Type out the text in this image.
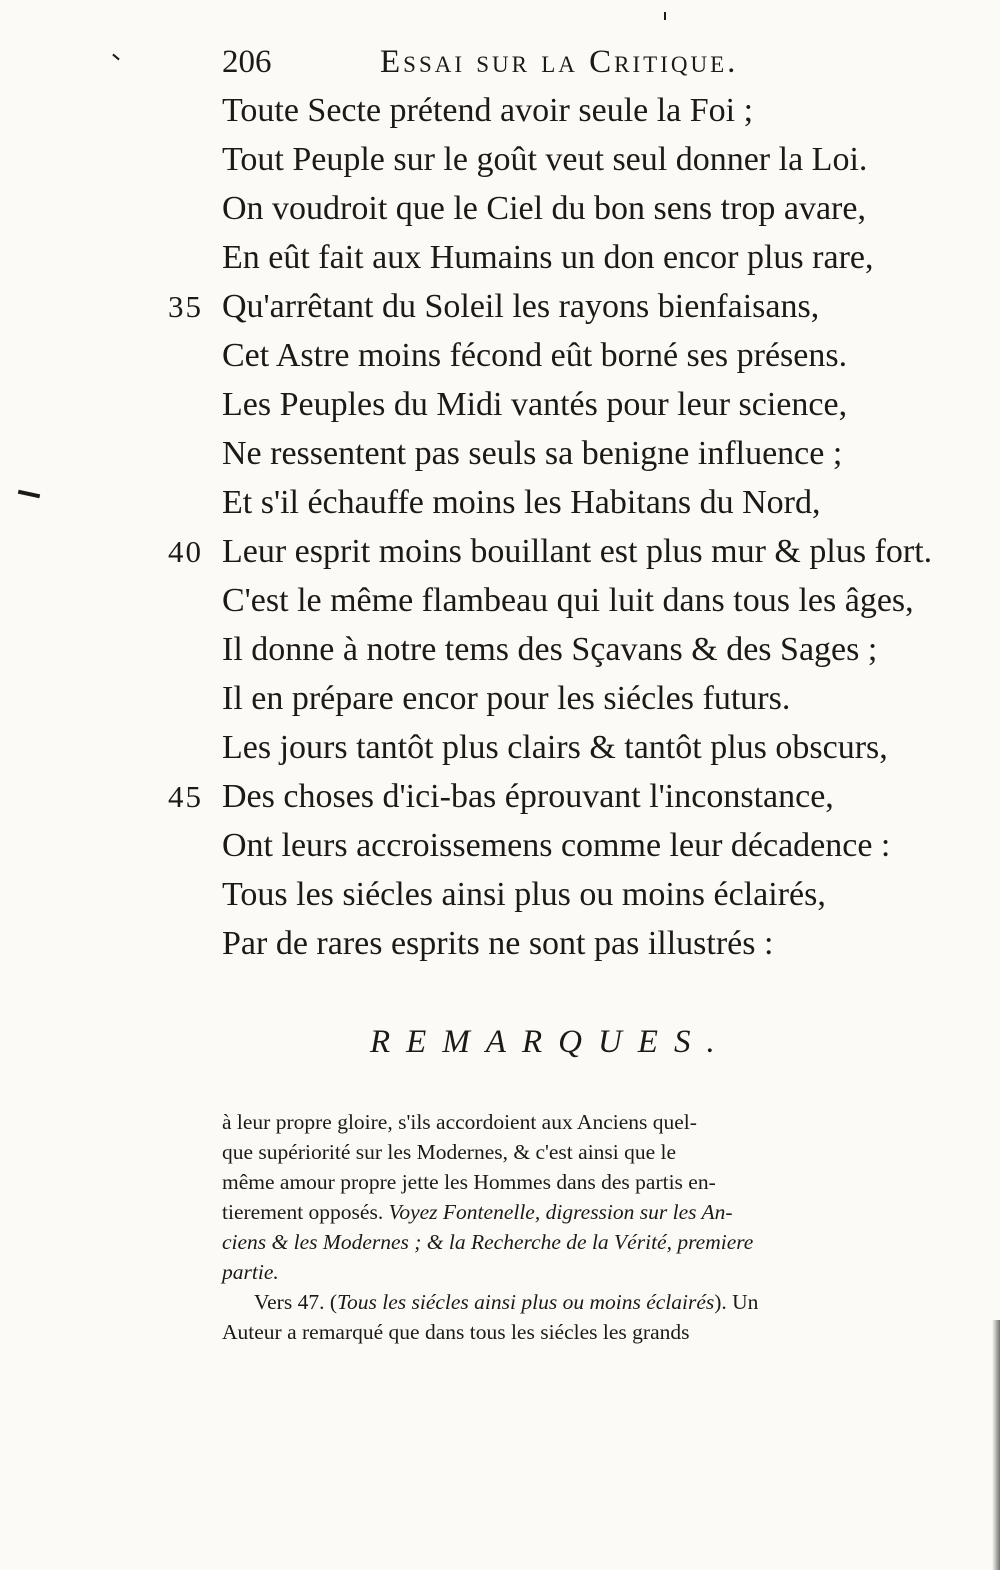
206	Essai sur la Critique.
Toute Secte prétend avoir seule la Foi ;
Tout Peuple sur le goût veut seul donner la Loi.
On voudroit que le Ciel du bon sens trop avare,
En eût fait aux Humains un don encor plus rare,
35 Qu'arrêtant du Soleil les rayons bienfaisans,
Cet Astre moins fécond eût borné ses présens.
Les Peuples du Midi vantés pour leur science,
Ne ressentent pas seuls sa benigne influence ;
Et s'il échauffe moins les Habitans du Nord,
40 Leur esprit moins bouillant est plus mur & plus fort.
C'est le même flambeau qui luit dans tous les âges,
Il donne à notre tems des Sçavans & des Sages ;
Il en prépare encor pour les siécles futurs.
Les jours tantôt plus clairs & tantôt plus obscurs,
45 Des choses d'ici-bas éprouvant l'inconstance,
Ont leurs accroissemens comme leur décadence :
Tous les siécles ainsi plus ou moins éclairés,
Par de rares esprits ne sont pas illustrés :
REMARQUES.
à leur propre gloire, s'ils accordoient aux Anciens quel-
que supériorité sur les Modernes, & c'est ainsi que le
même amour propre jette les Hommes dans des partis en-
tierement opposés. Voyez Fontenelle, digression sur les An-
ciens & les Modernes ; & la Recherche de la Vérité, premiere
partie.
Vers 47. (Tous les siécles ainsi plus ou moins éclairés). Un
Auteur a remarqué que dans tous les siécles les grands
